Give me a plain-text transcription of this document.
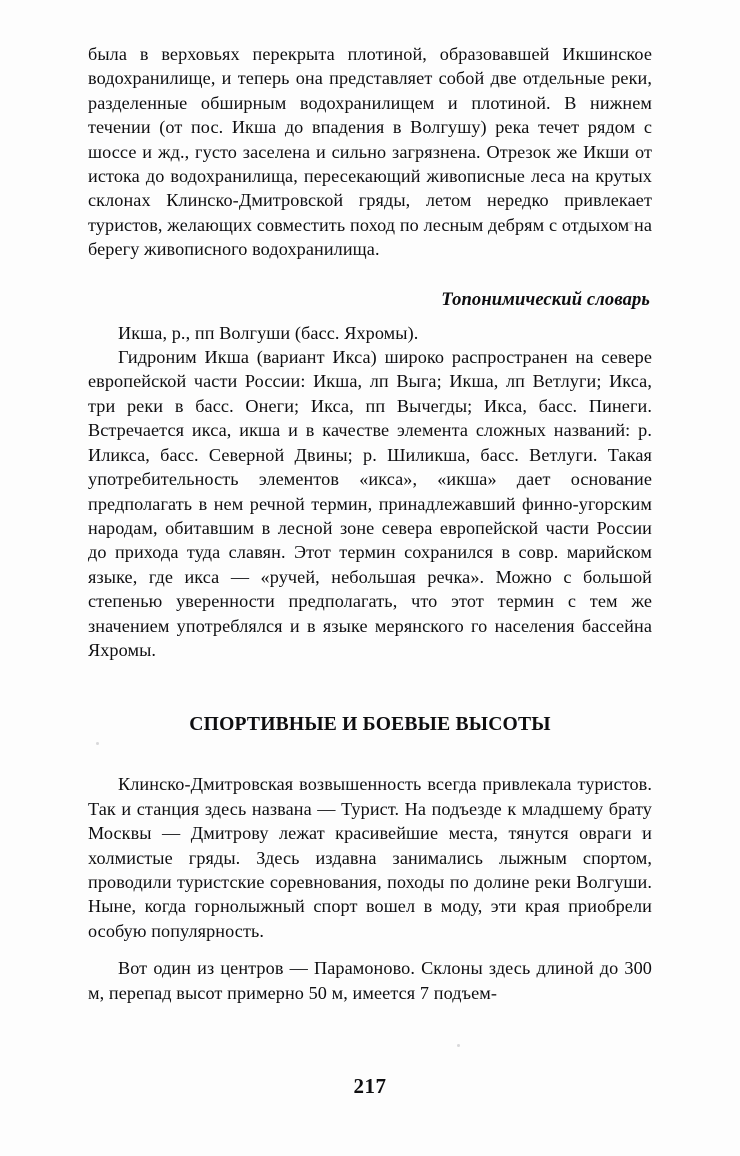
была в верховьях перекрыта плотиной, образовавшей Икшинское водохранилище, и теперь она представляет собой две отдельные реки, разделенные обширным водохранилищем и плотиной. В нижнем течении (от пос. Икша до впадения в Волгушу) река течет рядом с шоссе и жд., густо заселена и сильно загрязнена. Отрезок же Икши от истока до водохранилища, пересекающий живописные леса на крутых склонах Клинско-Дмитровской гряды, летом нередко привлекает туристов, желающих совместить поход по лесным дебрям с отдыхом на берегу живописного водохранилища.

Топонимический словарь

Икша, р., пп Волгуши (басс. Яхромы).

Гидроним Икша (вариант Икса) широко распространен на севере европейской части России: Икша, лп Выга; Икша, лп Ветлуги; Икса, три реки в басс. Онеги; Икса, пп Вычегды; Икса, басс. Пинеги. Встречается икса, икша и в качестве элемента сложных названий: р. Иликса, басс. Северной Двины; р. Шиликша, басс. Ветлуги. Такая употребительность элементов «икса», «икша» дает основание предполагать в нем речной термин, принадлежавший финно-угорским народам, обитавшим в лесной зоне севера европейской части России до прихода туда славян. Этот термин сохранился в совр. марийском языке, где икса — «ручей, небольшая речка». Можно с большой степенью уверенности предполагать, что этот термин с тем же значением употреблялся и в языке мерянского го населения бассейна Яхромы.

СПОРТИВНЫЕ И БОЕВЫЕ ВЫСОТЫ

Клинско-Дмитровская возвышенность всегда привлекала туристов. Так и станция здесь названа — Турист. На подъезде к младшему брату Москвы — Дмитрову лежат красивейшие места, тянутся овраги и холмистые гряды. Здесь издавна занимались лыжным спортом, проводили туристские соревнования, походы по долине реки Волгуши. Ныне, когда горнолыжный спорт вошел в моду, эти края приобрели особую популярность.

Вот один из центров — Парамоново. Склоны здесь длиной до 300 м, перепад высот примерно 50 м, имеется 7 подъем-

217
